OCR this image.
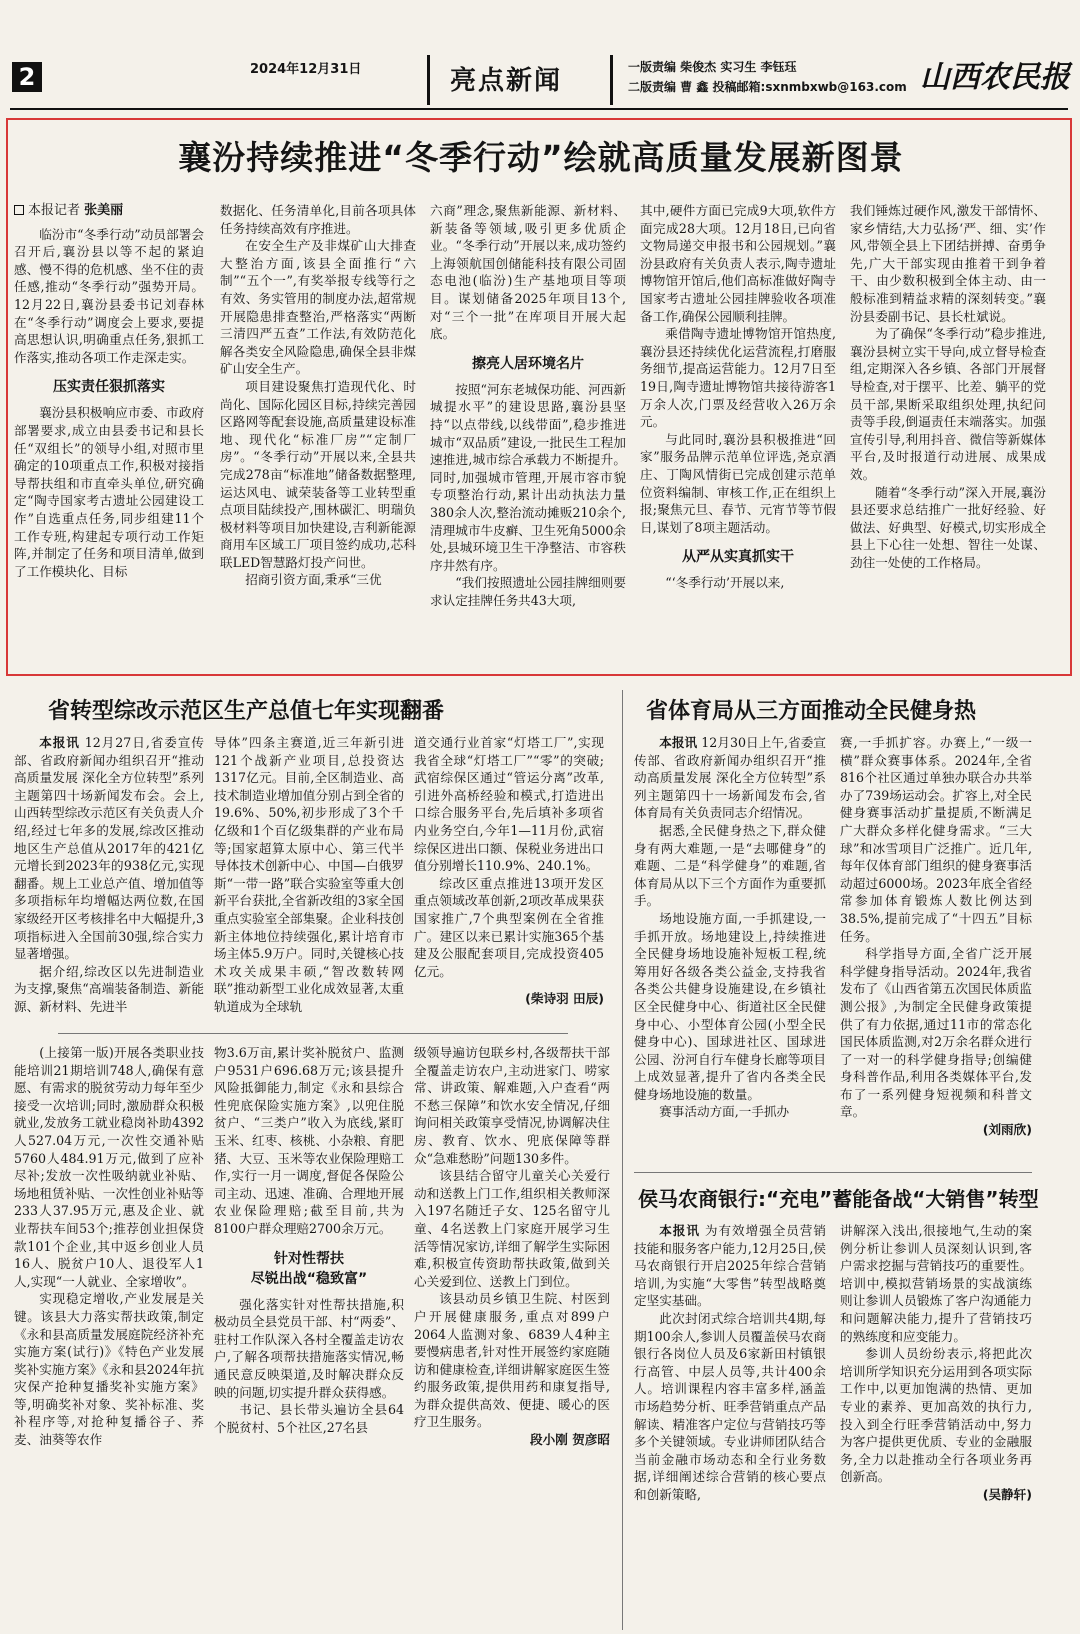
2	2024年12月31日	亮点新闻	一版责编 柴俊杰 实习生 李钰珏
二版责编 曹 鑫 投稿邮箱:sxnmbxwb@163.com 山西农民报
襄汾持续推进“冬季行动”绘就高质量发展新图景

本报记者 张美丽

临汾市“冬季行动”动员部署会召开后,襄汾县以等不起的紧迫感、慢不得的危机感、坐不住的责任感,推动“冬季行动”强势开局。12月22日,襄汾县委书记刘春林在“冬季行动”调度会上要求,要提高思想认识,明确重点任务,狠抓工作落实,推动各项工作走深走实。

压实责任狠抓落实

襄汾县积极响应市委、市政府部署要求,成立由县委书记和县长任“双组长”的领导小组,对照市里确定的10项重点工作,积极对接指导帮扶组和市直牵头单位,研究确定“陶寺国家考古遗址公园建设工作”自选重点任务,同步组建11个工作专班,构建起专项行动工作矩阵,并制定了任务和项目清单,做到了工作模块化、目标

数据化、任务清单化,目前各项具体任务持续高效有序推进。

在安全生产及非煤矿山大排查大整治方面,该县全面推行“六制”“五个一”,有奖举报专线等行之有效、务实管用的制度办法,超常规开展隐患排查整治,严格落实“两断三清四严五查”工作法,有效防范化解各类安全风险隐患,确保全县非煤矿山安全生产。

项目建设聚焦打造现代化、时尚化、国际化园区目标,持续完善园区路网等配套设施,高质量建设标准地、现代化“标准厂房”“定制厂房”。“冬季行动”开展以来,全县共完成278亩“标准地”储备数据整理,运达风电、诚荣装备等工业转型重点项目陆续投产,围林碳汇、明瑞负极材料等项目加快建设,吉利新能源商用车区域工厂项目签约成功,芯科联LED智慧路灯投产问世。

招商引资方面,秉承“三优

六商”理念,聚焦新能源、新材料、新装备等领域,吸引更多优质企业。“冬季行动”开展以来,成功签约上海领航国创储能科技有限公司固态电池(临汾)生产基地项目等项目。谋划储备2025年项目13个,对“三个一批”在库项目开展大起底。

擦亮人居环境名片

按照“河东老城保功能、河西新城提水平”的建设思路,襄汾县坚持“以点带线,以线带面”,稳步推进城市“双品质”建设,一批民生工程加速推进,城市综合承载力不断提升。同时,加强城市管理,开展市容市貌专项整治行动,累计出动执法力量380余人次,整治流动摊贩210余个,清理城市牛皮癣、卫生死角5000余处,县城环境卫生干净整洁、市容秩序井然有序。

“我们按照遗址公园挂牌细则要求认定挂牌任务共43大项,

其中,硬件方面已完成9大项,软件方面完成28大项。12月18日,已向省文物局递交申报书和公园规划。”襄汾县政府有关负责人表示,陶寺遗址博物馆开馆后,他们高标准做好陶寺国家考古遗址公园挂牌验收各项准备工作,确保公园顺利挂牌。

乘借陶寺遗址博物馆开馆热度,襄汾县还持续优化运营流程,打磨服务细节,提高运营能力。12月7日至19日,陶寺遗址博物馆共接待游客1万余人次,门票及经营收入26万余元。

与此同时,襄汾县积极推进“回家”服务品牌示范单位评选,尧京酒庄、丁陶风情街已完成创建示范单位资料编制、审核工作,正在组织上报;聚焦元旦、春节、元宵节等节假日,谋划了8项主题活动。

从严从实真抓实干

“‘冬季行动’开展以来,

我们锤炼过硬作风,激发干部情怀、家乡情结,大力弘扬‘严、细、实’作风,带领全县上下团结拼搏、奋勇争先,广大干部实现由推着干到争着干、由少数积极到全体主动、由一般标准到精益求精的深刻转变。”襄汾县委副书记、县长杜斌说。

为了确保“冬季行动”稳步推进,襄汾县树立实干导向,成立督导检查组,定期深入各乡镇、各部门开展督导检查,对于摆平、比差、躺平的党员干部,果断采取组织处理,执纪问责等手段,倒逼责任末端落实。加强宣传引导,利用抖音、微信等新媒体平台,及时报道行动进展、成果成效。

随着“冬季行动”深入开展,襄汾县还要求总结推广一批好经验、好做法、好典型、好模式,切实形成全县上下心往一处想、智往一处谋、劲往一处使的工作格局。

省转型综改示范区生产总值七年实现翻番

本报讯 12月27日,省委宣传部、省政府新闻办组织召开“推动高质量发展 深化全方位转型”系列主题第四十场新闻发布会。会上,山西转型综改示范区有关负责人介绍,经过七年多的发展,综改区推动地区生产总值从2017年的421亿元增长到2023年的938亿元,实现翻番。规上工业总产值、增加值等多项指标年均增幅达两位数,在国家级经开区考核排名中大幅提升,3项指标进入全国前30强,综合实力显著增强。

据介绍,综改区以先进制造业为支撑,聚焦“高端装备制造、新能源、新材料、先进半

导体”四条主赛道,近三年新引进121个战新产业项目,总投资达1317亿元。目前,全区制造业、高技术制造业增加值分别占到全省的19.6%、50%,初步形成了3个千亿级和1个百亿级集群的产业布局等;国家超算太原中心、第三代半导体技术创新中心、中国—白俄罗斯“一带一路”联合实验室等重大创新平台获批,全省新改组的3家全国重点实验室全部集聚。企业科技创新主体地位持续强化,累计培育市场主体5.9万户。同时,关键核心技术攻关成果丰硕,“智改数转网联”推动新型工业化成效显著,太重轨道成为全球轨

道交通行业首家“灯塔工厂”,实现我省全球“灯塔工厂”“零”的突破;武宿综保区通过“管运分离”改革,引进外高桥经验和模式,打造进出口综合服务平台,先后填补多项省内业务空白,今年1—11月份,武宿综保区进出口额、保税业务进出口值分别增长110.9%、240.1%。

综改区重点推进13项开发区重点领域改革创新,2项改革成果获国家推广,7个典型案例在全省推广。建区以来已累计实施365个基建及公服配套项目,完成投资405亿元。

(柴诗羽 田辰)

省体育局从三方面推动全民健身热

本报讯 12月30日上午,省委宣传部、省政府新闻办组织召开“推动高质量发展 深化全方位转型”系列主题第四十一场新闻发布会,省体育局有关负责同志介绍情况。

据悉,全民健身热之下,群众健身有两大难题,一是“去哪健身”的难题、二是“科学健身”的难题,省体育局从以下三个方面作为重要抓手。

场地设施方面,一手抓建设,一手抓开放。场地建设上,持续推进全民健身场地设施补短板工程,统筹用好各级各类公益金,支持我省各类公共健身设施建设,在乡镇社区全民健身中心、街道社区全民健身中心、小型体育公园(小型全民健身中心)、国球进社区、国球进公园、汾河自行车健身长廊等项目上成效显著,提升了省内各类全民健身场地设施的数量。

赛事活动方面,一手抓办

赛,一手抓扩容。办赛上,“一级一横”群众赛事体系。2024年,全省816个社区通过单独办联合办共举办了739场运动会。扩容上,对全民健身赛事活动扩量提质,不断满足广大群众多样化健身需求。“三大球”和冰雪项目广泛推广。近几年,每年仅体育部门组织的健身赛事活动超过6000场。2023年底全省经常参加体育锻炼人数比例达到38.5%,提前完成了“十四五”目标任务。

科学指导方面,全省广泛开展科学健身指导活动。2024年,我省发布了《山西省第五次国民体质监测公报》,为制定全民健身政策提供了有力依据,通过11市的常态化国民体质监测,对2万余名群众进行了一对一的科学健身指导;创编健身科普作品,利用各类媒体平台,发布了一系列健身短视频和科普文章。

(刘雨欣)

(上接第一版)开展各类职业技能培训21期培训748人,确保有意愿、有需求的脱贫劳动力每年至少接受一次培训;同时,激励群众积极就业,发放务工就业稳岗补助4392人527.04万元,一次性交通补贴5760人484.91万元,做到了应补尽补;发放一次性吸纳就业补贴、场地租赁补贴、一次性创业补贴等233人37.95万元,惠及企业、就业帮扶车间53个;推荐创业担保贷款101个企业,其中返乡创业人员16人、脱贫户10人、退役军人1人,实现“一人就业、全家增收”。

实现稳定增收,产业发展是关键。该县大力落实帮扶政策,制定《永和县高质量发展庭院经济补充实施方案(试行)》《特色产业发展奖补实施方案》《永和县2024年抗灾保产抢种复播奖补实施方案》等,明确奖补对象、奖补标准、奖补程序等,对抢种复播谷子、荞麦、油葵等农作

物3.6万亩,累计奖补脱贫户、监测户9531户696.68万元;该县提升风险抵御能力,制定《永和县综合性兜底保险实施方案》,以兜住脱贫户、“三类户”收入为底线,紧盯玉米、红枣、核桃、小杂粮、育肥猪、大豆、玉米等农业保险理赔工作,实行一月一调度,督促各保险公司主动、迅速、准确、合理地开展农业保险理赔;截至目前,共为8100户群众理赔2700余万元。

针对性帮扶
尽锐出战“稳致富”

强化落实针对性帮扶措施,积极动员全县党员干部、村“两委”、驻村工作队深入各村全覆盖走访农户,了解各项帮扶措施落实情况,畅通民意反映渠道,及时解决群众反映的问题,切实提升群众获得感。

书记、县长带头遍访全县64个脱贫村、5个社区,27名县

级领导遍访包联乡村,各级帮扶干部全覆盖走访农户,主动进家门、唠家常、讲政策、解难题,入户查看“两不愁三保障”和饮水安全情况,仔细询问相关政策享受情况,协调解决住房、教育、饮水、兜底保障等群众“急难愁盼”问题130多件。

该县结合留守儿童关心关爱行动和送教上门工作,组织相关教师深入197名随迁子女、125名留守儿童、4名送教上门家庭开展学习生活等情况家访,详细了解学生实际困难,积极宣传资助帮扶政策,做到关心关爱到位、送教上门到位。

该县动员乡镇卫生院、村医到户开展健康服务,重点对899户2064人监测对象、6839人4种主要慢病患者,针对性开展签约家庭随访和健康检查,详细讲解家庭医生签约服务政策,提供用药和康复指导,为群众提供高效、便捷、暖心的医疗卫生服务。

段小刚 贺彦昭

侯马农商银行:“充电”蓄能备战“大销售”转型

本报讯 为有效增强全员营销技能和服务客户能力,12月25日,侯马农商银行开启2025年综合营销培训,为实施“大零售”转型战略奠定坚实基础。

此次封闭式综合培训共4期,每期100余人,参训人员覆盖侯马农商银行各岗位人员及6家新田村镇银行高管、中层人员等,共计400余人。培训课程内容丰富多样,涵盖市场趋势分析、旺季营销重点产品解读、精准客户定位与营销技巧等多个关键领域。专业讲师团队结合当前金融市场动态和全行业务数据,详细阐述综合营销的核心要点和创新策略,

讲解深入浅出,很接地气,生动的案例分析让参训人员深刻认识到,客户需求挖掘与营销技巧的重要性。培训中,模拟营销场景的实战演练则让参训人员锻炼了客户沟通能力和问题解决能力,提升了营销技巧的熟练度和应变能力。

参训人员纷纷表示,将把此次培训所学知识充分运用到各项实际工作中,以更加饱满的热情、更加专业的素养、更加高效的执行力,投入到全行旺季营销活动中,努力为客户提供更优质、专业的金融服务,全力以赴推动全行各项业务再创新高。

(吴静轩)
